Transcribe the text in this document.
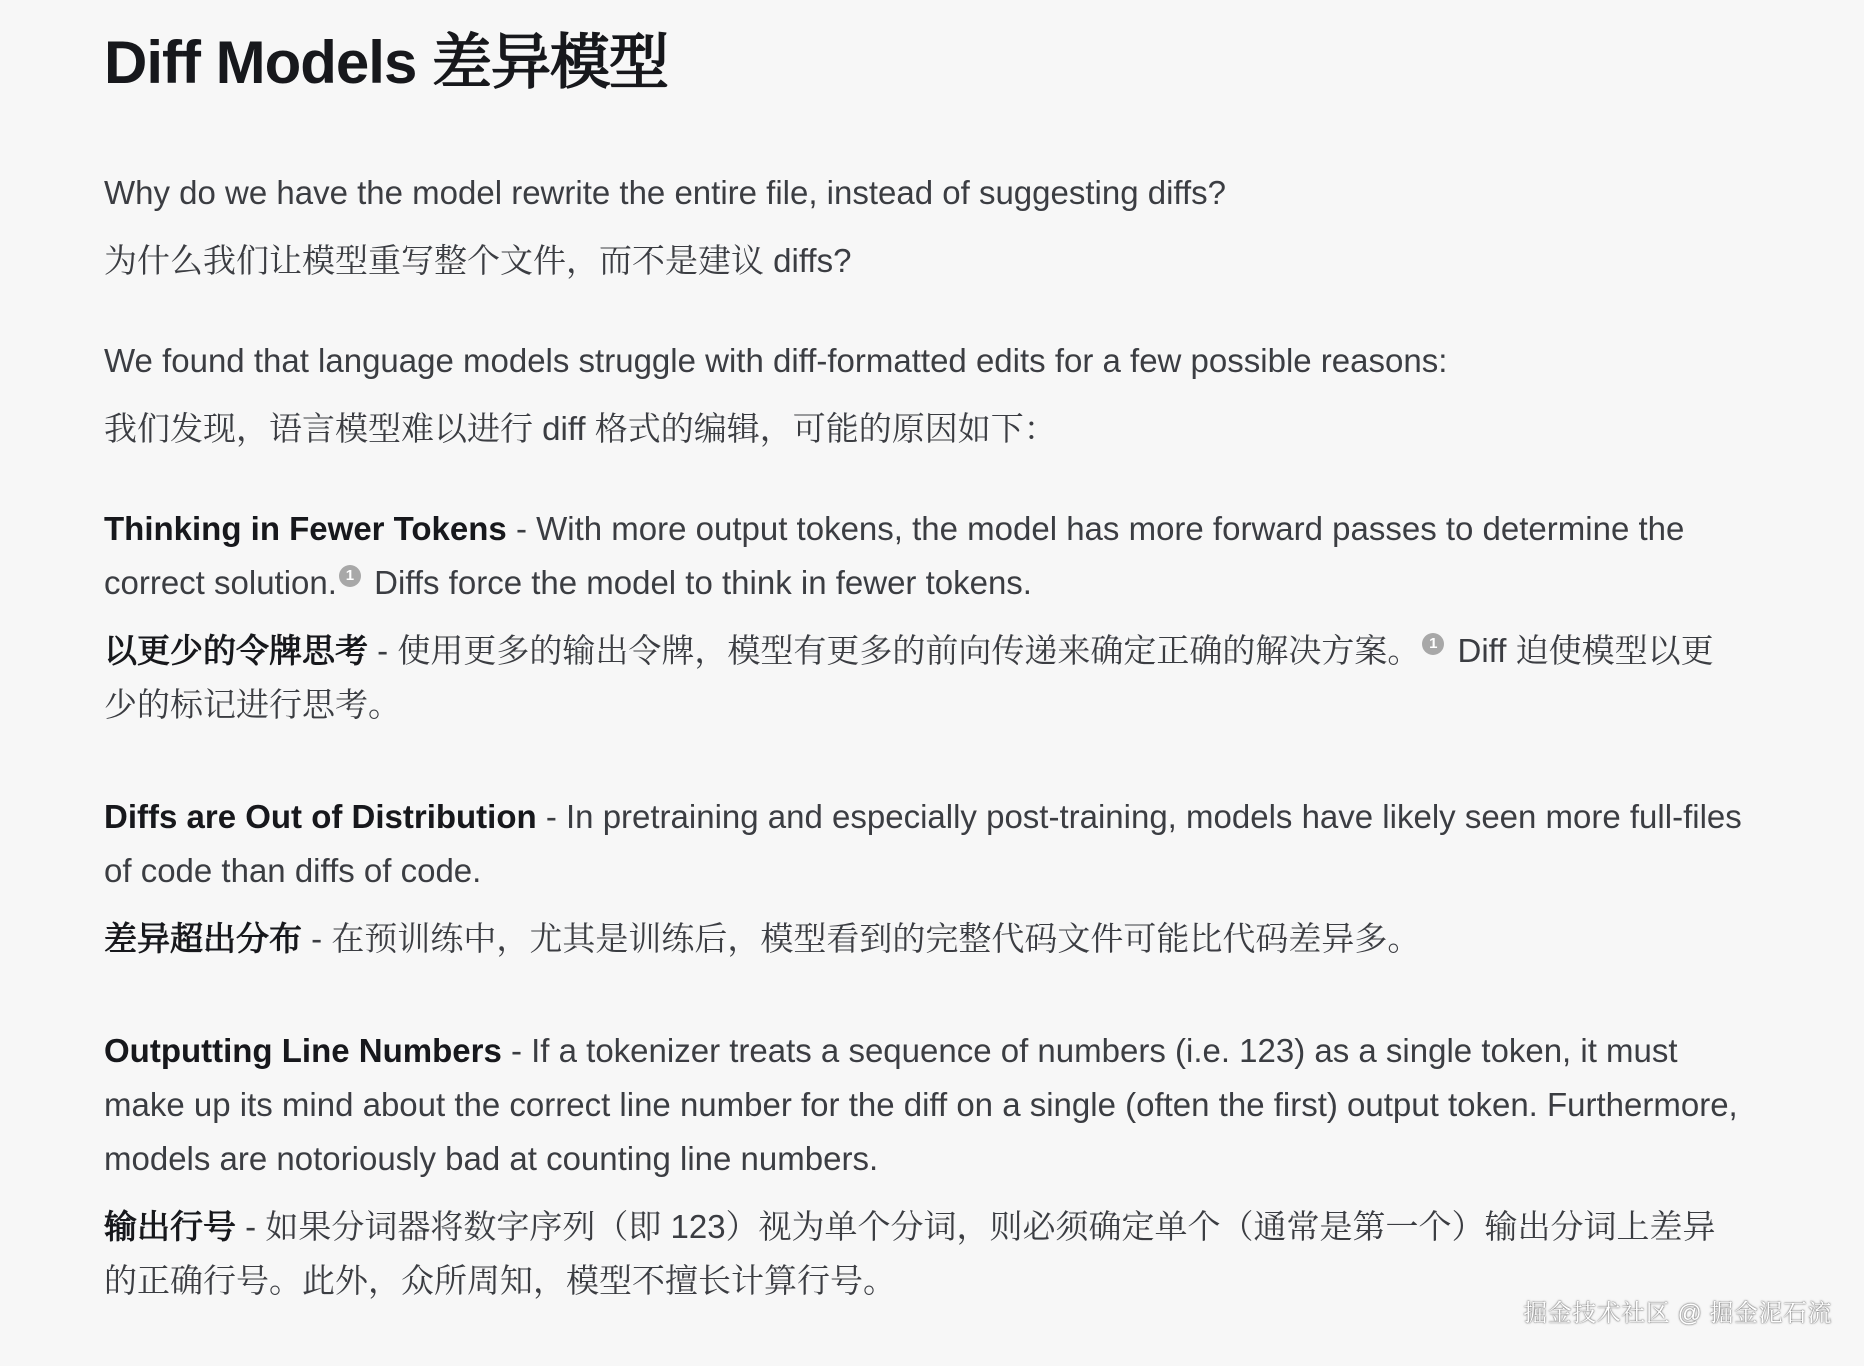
Diff Models 差异模型

Why do we have the model rewrite the entire file, instead of suggesting diffs?

为什么我们让模型重写整个文件，而不是建议 diffs?

We found that language models struggle with diff-formatted edits for a few possible reasons:

我们发现，语言模型难以进行 diff 格式的编辑，可能的原因如下：

Thinking in Fewer Tokens - With more output tokens, the model has more forward passes to determine the correct solution. 1 Diffs force the model to think in fewer tokens.

以更少的令牌思考 - 使用更多的输出令牌，模型有更多的前向传递来确定正确的解决方案。 1 Diff 迫使模型以更少的标记进行思考。

Diffs are Out of Distribution - In pretraining and especially post-training, models have likely seen more full-files of code than diffs of code.

差异超出分布 - 在预训练中，尤其是训练后，模型看到的完整代码文件可能比代码差异多。

Outputting Line Numbers - If a tokenizer treats a sequence of numbers (i.e. 123) as a single token, it must make up its mind about the correct line number for the diff on a single (often the first) output token. Furthermore, models are notoriously bad at counting line numbers.

输出行号 - 如果分词器将数字序列（即 123）视为单个分词，则必须确定单个（通常是第一个）输出分词上差异的正确行号。此外，众所周知，模型不擅长计算行号。

掘金技术社区 @ 掘金泥石流
